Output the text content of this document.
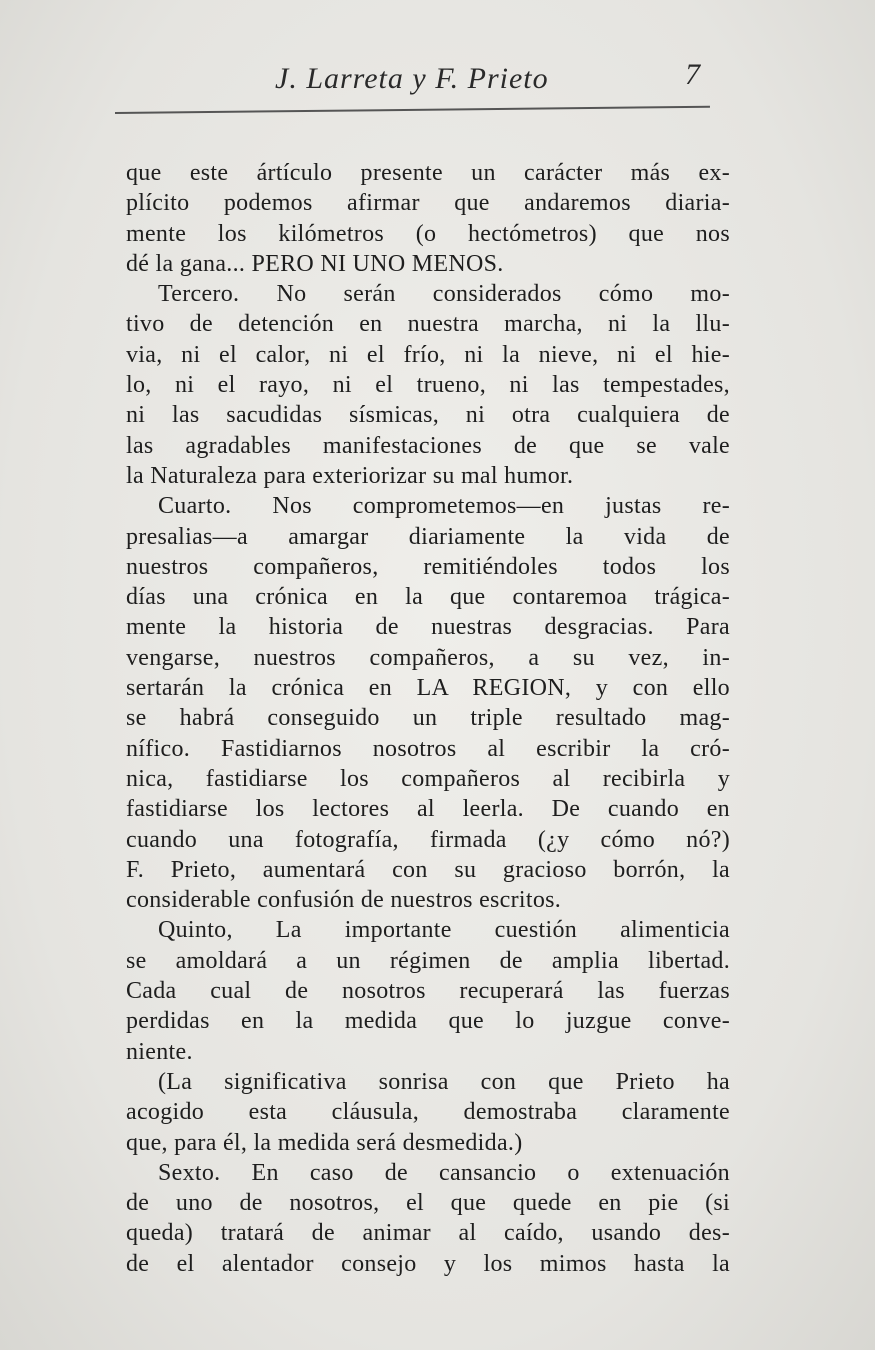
J. Larreta y F. Prieto	7
que este ártículo presente un carácter más ex-
plícito podemos afirmar que andaremos diaria-
mente los kilómetros (o hectómetros) que nos
dé la gana... PERO NI UNO MENOS.
Tercero. No serán considerados cómo mo-
tivo de detención en nuestra marcha, ni la llu-
via, ni el calor, ni el frío, ni la nieve, ni el hie-
lo, ni el rayo, ni el trueno, ni las tempestades,
ni las sacudidas sísmicas, ni otra cualquiera de
las agradables manifestaciones de que se vale
la Naturaleza para exteriorizar su mal humor.
Cuarto. Nos comprometemos—en justas re-
presalias—a amargar diariamente la vida de
nuestros compañeros, remitiéndoles todos los
días una crónica en la que contaremoa trágica-
mente la historia de nuestras desgracias. Para
vengarse, nuestros compañeros, a su vez, in-
sertarán la crónica en LA REGION, y con ello
se habrá conseguido un triple resultado mag-
nífico. Fastidiarnos nosotros al escribir la cró-
nica, fastidiarse los compañeros al recibirla y
fastidiarse los lectores al leerla. De cuando en
cuando una fotografía, firmada (¿y cómo nó?)
F. Prieto, aumentará con su gracioso borrón, la
considerable confusión de nuestros escritos.
Quinto, La importante cuestión alimenticia
se amoldará a un régimen de amplia libertad.
Cada cual de nosotros recuperará las fuerzas
perdidas en la medida que lo juzgue conve-
niente.
(La significativa sonrisa con que Prieto ha
acogido esta cláusula, demostraba claramente
que, para él, la medida será desmedida.)
Sexto. En caso de cansancio o extenuación
de uno de nosotros, el que quede en pie (si
queda) tratará de animar al caído, usando des-
de el alentador consejo y los mimos hasta la
